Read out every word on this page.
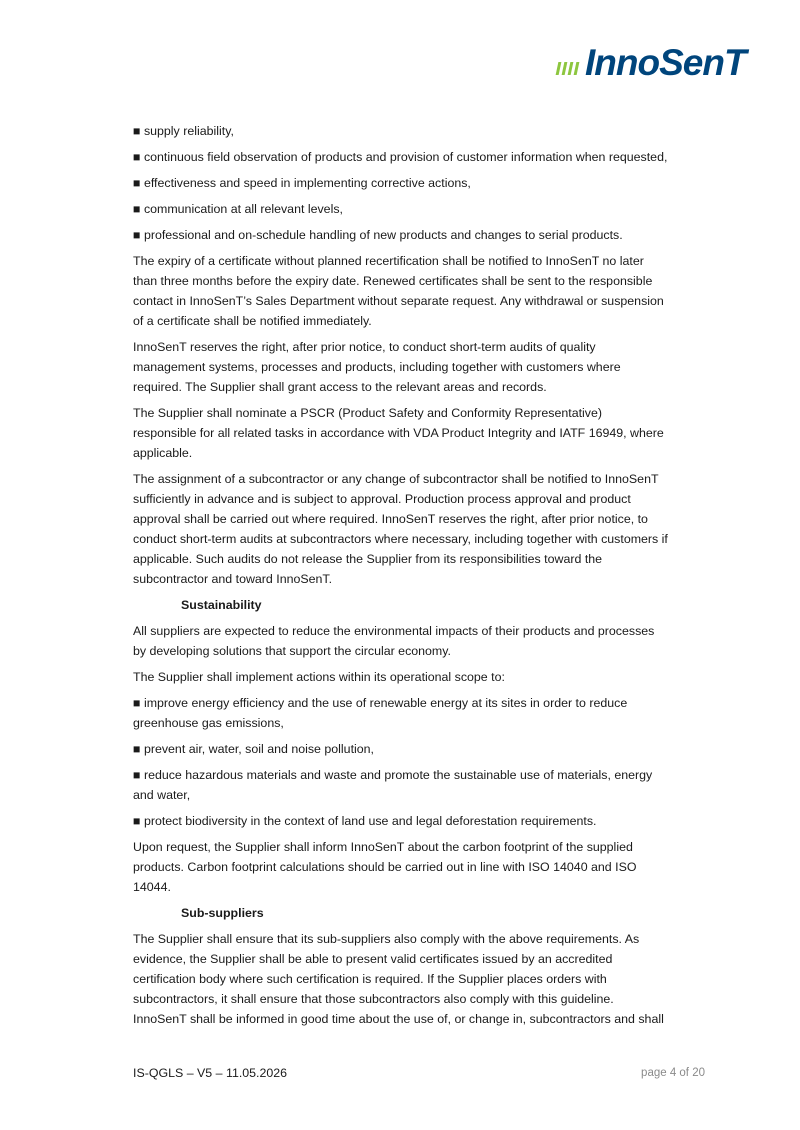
InnoSenT

■ supply reliability,

■ continuous field observation of products and provision of customer information when requested,

■ effectiveness and speed in implementing corrective actions,

■ communication at all relevant levels,

■ professional and on-schedule handling of new products and changes to serial products.

The expiry of a certificate without planned recertification shall be notified to InnoSenT no later than three months before the expiry date. Renewed certificates shall be sent to the responsible contact in InnoSenT’s Sales Department without separate request. Any withdrawal or suspension of a certificate shall be notified immediately.

InnoSenT reserves the right, after prior notice, to conduct short-term audits of quality management systems, processes and products, including together with customers where required. The Supplier shall grant access to the relevant areas and records.

The Supplier shall nominate a PSCR (Product Safety and Conformity Representative) responsible for all related tasks in accordance with VDA Product Integrity and IATF 16949, where applicable.

The assignment of a subcontractor or any change of subcontractor shall be notified to InnoSenT sufficiently in advance and is subject to approval. Production process approval and product approval shall be carried out where required. InnoSenT reserves the right, after prior notice, to conduct short-term audits at subcontractors where necessary, including together with customers if applicable. Such audits do not release the Supplier from its responsibilities toward the subcontractor and toward InnoSenT.

Sustainability

All suppliers are expected to reduce the environmental impacts of their products and processes by developing solutions that support the circular economy.

The Supplier shall implement actions within its operational scope to:

■ improve energy efficiency and the use of renewable energy at its sites in order to reduce greenhouse gas emissions,

■ prevent air, water, soil and noise pollution,

■ reduce hazardous materials and waste and promote the sustainable use of materials, energy and water,

■ protect biodiversity in the context of land use and legal deforestation requirements.

Upon request, the Supplier shall inform InnoSenT about the carbon footprint of the supplied products. Carbon footprint calculations should be carried out in line with ISO 14040 and ISO 14044.

Sub-suppliers

The Supplier shall ensure that its sub-suppliers also comply with the above requirements. As evidence, the Supplier shall be able to present valid certificates issued by an accredited certification body where such certification is required. If the Supplier places orders with subcontractors, it shall ensure that those subcontractors also comply with this guideline. InnoSenT shall be informed in good time about the use of, or change in, subcontractors and shall

IS-QGLS – V5 – 11.05.2026	page 4 of 20
